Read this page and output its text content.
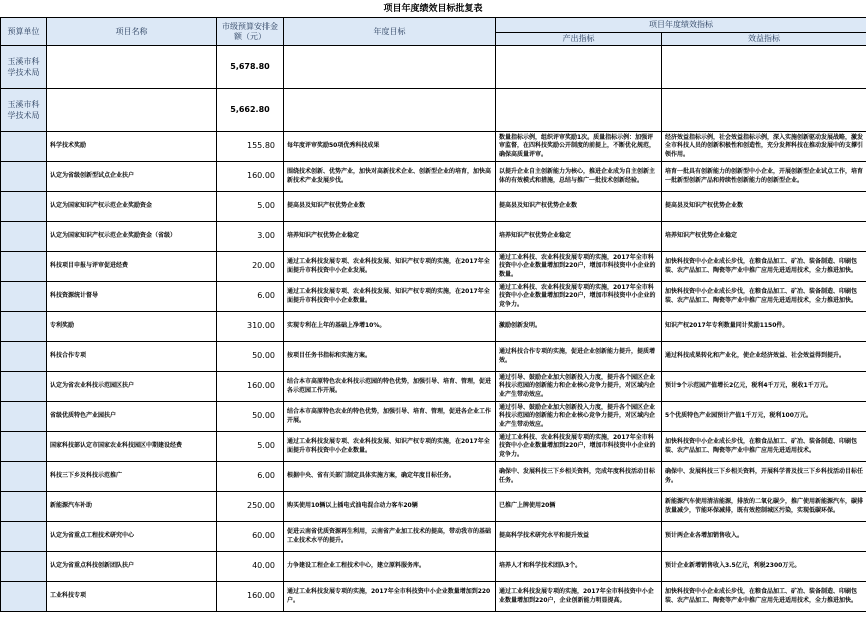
项目年度绩效目标批复表
预算单位	项目名称	市级预算安排金额（元）	年度目标	项目年度绩效指标	
				产出指标	效益指标
玉溪市科学技术局		5,678.80			
玉溪市科学技术局		5,662.80			
	科学技术奖励	155.80	每年度评审奖励50项优秀科技成果	数量指标示例，组织评审奖励1次。质量指标示例：加强评审监督，在四科技奖励公开制度的前提上，不断优化规范，确保高质量评审。	经济效益指标示例，社会效益指标示例，深入实施创新驱动发展战略，激发全市科技人员的创新积极性和创造性，充分发挥科技在推动发展中的支撑引领作用。
	认定为省级创新型试点企业扶户	160.00	围绕技术创新、优势产业，加快对高新技术企业、创新型企业的培育，加快高新技术产业发展步伐。	以提升企业自主创新能力为核心，推进企业成为自主创新主体的有效模式和措施，总结与推广一批技术创新经验。	培育一批具有创新能力的创新型中小企业，开展创新型企业试点工作，培育一批新型创新产品和持续性创新能力的创新型企业。
	认定为国家知识产权示范企业奖励资金	5.00	提高县及知识产权优势企业数	提高县及知识产权优势企业数	提高县及知识产权优势企业数
	认定为国家知识产权示范企业奖励资金（省级）	3.00	培养知识产权优势企业稳定	培养知识产权优势企业稳定	培养知识产权优势企业稳定
	科技项目申报与评审促进经费	20.00	通过工业科技发展专项、农业科技发展、知识产权专项的实施，在2017年全面提升市科技资中小企业发展。	通过工业科技、农业科技发展专项的实施，2017年全市科技资中小企业数量增加到220户，增加市科技资中小企业的数量。	加快科技资中小企业成长步伐，在粮食品加工、矿冶、装备制造、印刷包装、农产品加工、陶瓷等产业中推广应用先进适用技术，全力推进加快。
	科技资源统计督导	6.00	通过工业科技发展专项、农业科技发展、知识产权专项的实施，在2017年全面提升市科技资中小企业数量。	通过工业科技、农业科技发展专项的实施，2017年全市科技资中小企业数量增加到220户，增加市科技资中小企业的竞争力。	加快科技资中小企业成长步伐，在粮食品加工、矿冶、装备制造、印刷包装、农产品加工、陶瓷等产业中推广应用先进适用技术，全力推进加快。
	专利奖励	310.00	实现专利在上年的基础上净增10%。	激励创新发明。	知识产权2017年专利数量同计奖励1150件。
	科技合作专项	50.00	按项目任务书指标和实施方案。	通过科技合作专项的实施，促进企业创新能力提升，提质增效。	通过科技成果转化和产业化，使企业经济效益、社会效益得到提升。
	认定为省农业科技示范园区扶户	160.00	结合本市高原特色农业科技示范园的特色优势，加强引导、培育、管理，促进各示范园工作开展。	通过引导、鼓励企业加大创新投入力度，提升各个园区企业科技示范园的创新能力和企业核心竞争力提升，对区域内企业产生带动效应。	预计9个示范园产值增长2亿元，税利4千万元，税收1千万元。
	省级优质特色产业园扶户	50.00	结合本市高原特色农业的特色优势，加强引导、培育、管理，促进各企业工作开展。	通过引导、鼓励企业加大创新投入力度，提升各个园区企业科技示范园的创新能力和企业核心竞争力提升，对区域内企业产生带动效应。	5个优质特色产业园预计产值1千万元，税利100万元。
	国家科技部认定市国家农业科技园区中期建设经费	5.00	通过工业科技发展专项、农业科技发展、知识产权专项的实施，在2017年全面提升市科技资中小企业数量。	通过工业科技、农业科技发展专项的实施，2017年全市科技资中小企业数量增加到220户，增加市科技资中小企业的竞争力。	加快科技资中小企业成长步伐，在粮食品加工、矿冶、装备制造、印刷包装、农产品加工、陶瓷等产业中推广应用先进适用技术。
	科技三下乡及科技示范推广	6.00	根据中央、省有关部门制定具体实施方案，确定年度目标任务。	确保中、发展科技三下乡相关资料，完成年度科技活动目标任务。	确保中、发展科技三下乡相关资料，开展科学普及技三下乡科技活动目标任务。
	新能源汽车补助	250.00	购买使用10辆以上插电式油电混合动力客车20辆	已推广上牌使用20辆	新能源汽车使用清洁能源，排放的二氧化碳少，推广使用新能源汽车，碳排放量减少，节能环保减排，既有效控制城区污染，实现低碳环保。
	认定为省重点工程技术研究中心	60.00	促进云南省优质资源再生利用，云南省产业加工技术的提高，带动我市的基础工业技术水平的提升。	提高科学技术研究水平和提升效益	预计两企业各增加销售收入。
	认定为省重点科技创新团队扶户	40.00	力争建设工程企业工程技术中心，建立原料服务库。	培养人才和科学技术团队3个。	预计企业新增销售收入3.5亿元，利税2300万元。
	工业科技专项	160.00	通过工业科技发展专项的实施，2017年全市科技资中小企业数量增加到220户。	通过工业科技发展专项的实施，2017年全市科技资中小企业数量增加到220户，企业创新能力明显提高。	加快科技资中小企业成长步伐，在粮食品加工、矿冶、装备制造、印刷包装、农产品加工、陶瓷等产业中推广应用先进适用技术，全力推进加快。
